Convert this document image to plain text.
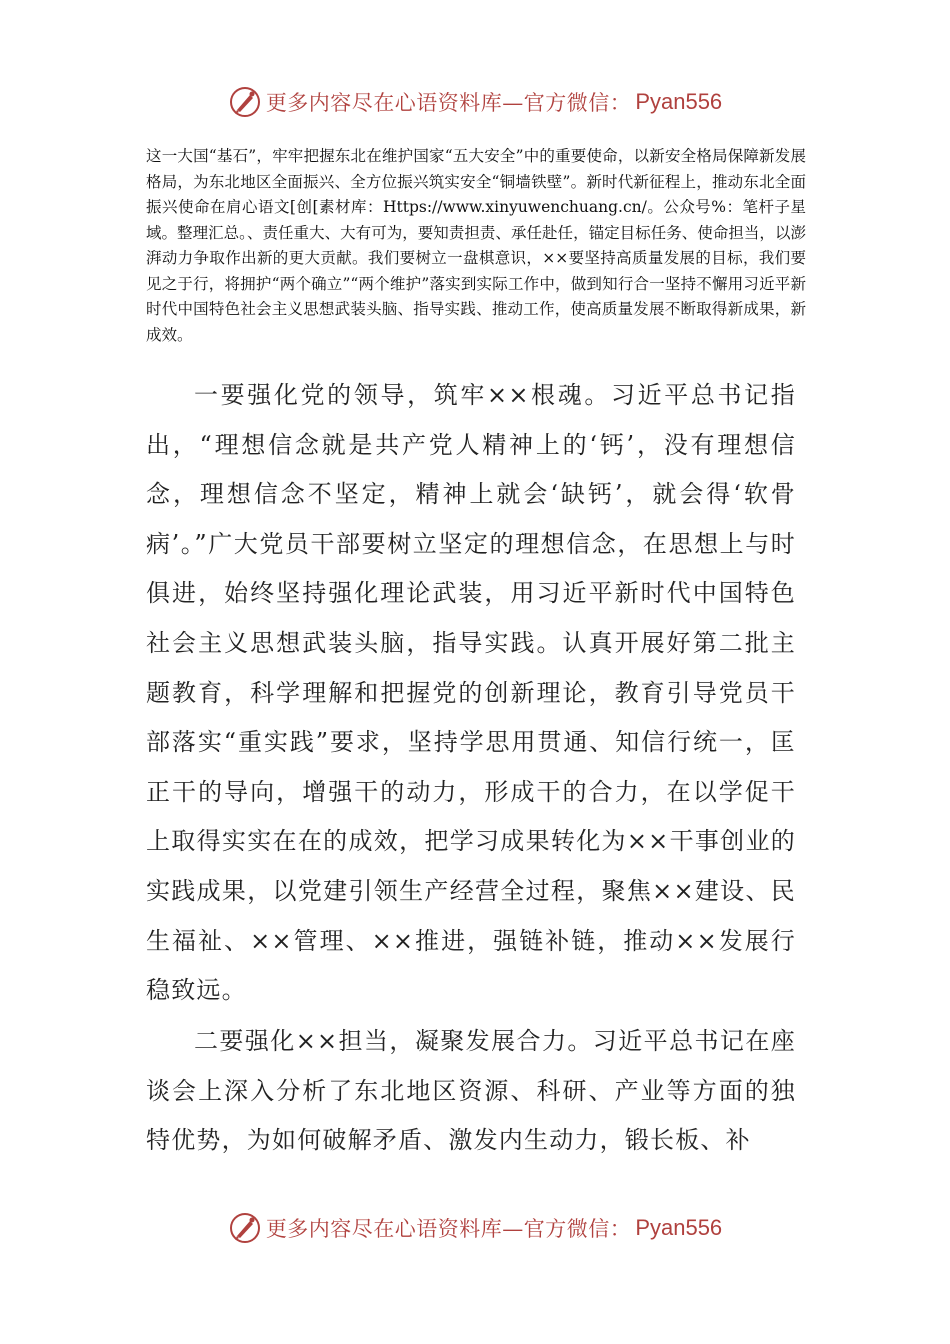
更多内容尽在心语资料库—官方微信： Pyan556

这一大国“基石”，牢牢把握东北在维护国家“五大安全”中的重要使命，以新安全格局保障新发展格局，为东北地区全面振兴、全方位振兴筑实安全“铜墙铁壁”。新时代新征程上，推动东北全面振兴使命在肩心语文[创[素材库：Https://www.xinyuwenchuang.cn/。公众号%：笔杆子星域。整理汇总。、责任重大、大有可为，要知责担责、承任赴任，锚定目标任务、使命担当，以澎湃动力争取作出新的更大贡献。我们要树立一盘棋意识，××要坚持高质量发展的目标，我们要见之于行，将拥护“两个确立”“两个维护”落实到实际工作中，做到知行合一坚持不懈用习近平新时代中国特色社会主义思想武装头脑、指导实践、推动工作，使高质量发展不断取得新成果，新成效。

一要强化党的领导，筑牢××根魂。习近平总书记指出，“理想信念就是共产党人精神上的‘钙’，没有理想信念，理想信念不坚定，精神上就会‘缺钙’，就会得‘软骨病’。”广大党员干部要树立坚定的理想信念，在思想上与时俱进，始终坚持强化理论武装，用习近平新时代中国特色社会主义思想武装头脑，指导实践。认真开展好第二批主题教育，科学理解和把握党的创新理论，教育引导党员干部落实“重实践”要求，坚持学思用贯通、知信行统一，匡正干的导向，增强干的动力，形成干的合力，在以学促干上取得实实在在的成效，把学习成果转化为××干事创业的实践成果，以党建引领生产经营全过程，聚焦××建设、民生福祉、××管理、××推进，强链补链，推动××发展行稳致远。

二要强化××担当，凝聚发展合力。习近平总书记在座谈会上深入分析了东北地区资源、科研、产业等方面的独特优势，为如何破解矛盾、激发内生动力，锻长板、补

更多内容尽在心语资料库—官方微信： Pyan556
